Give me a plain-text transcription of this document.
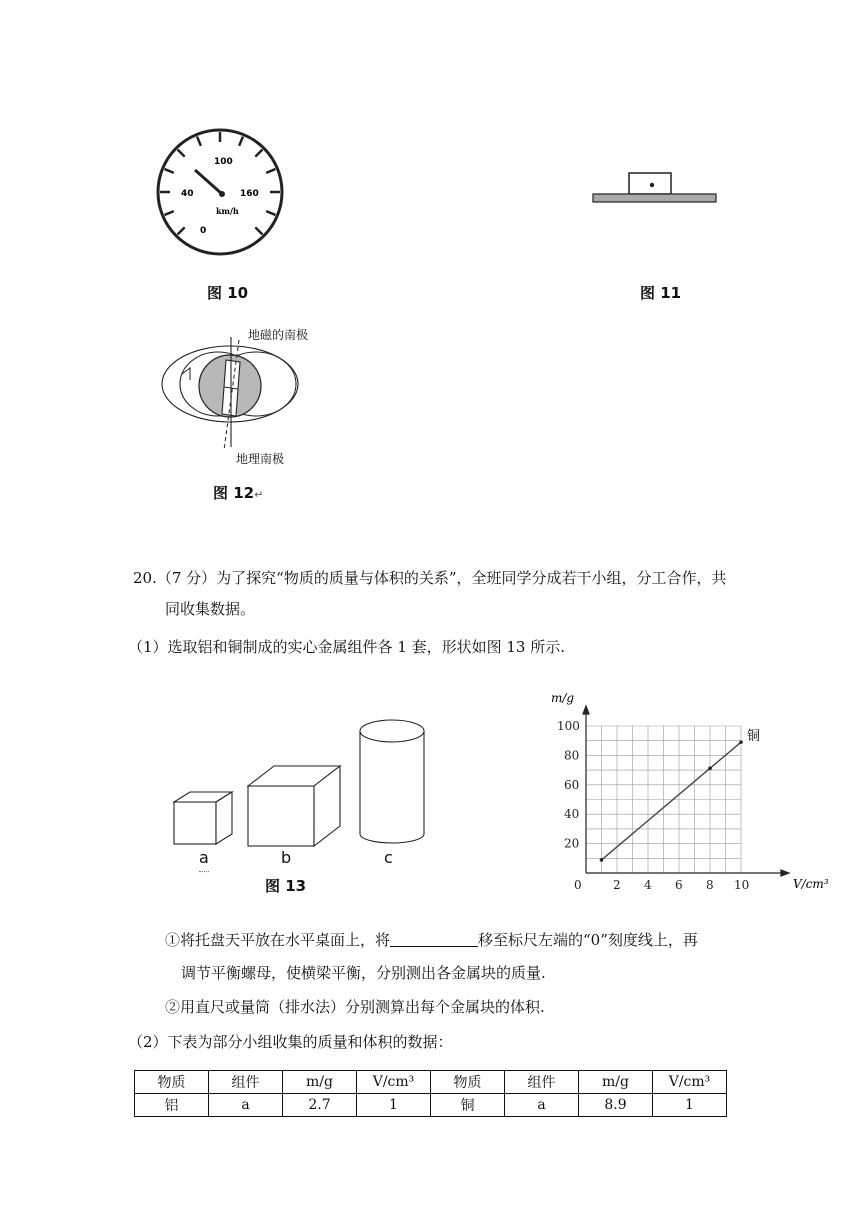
100
40	160
0
km/h
图 10	图 11
地磁的南极
地理南极
图 12↵
20.（7 分）为了探究“物质的质量与体积的关系”，全班同学分成若干小组，分工合作，共
同收集数据。
（1）选取铝和铜制成的实心金属组件各 1 套，形状如图 13 所示.
a	b	c
图 13	0	2 4 6 8 10
20
40
60
80
100
铜
m/g
V/cm³
①将托盘天平放在水平桌面上，将	移至标尺左端的“0”刻度线上，再
调节平衡螺母，使横梁平衡，分别测出各金属块的质量.
②用直尺或量筒（排水法）分别测算出每个金属块的体积.
（2）下表为部分小组收集的质量和体积的数据：
物质	组件	m/g	V/cm³	物质	组件	m/g	V/cm³
铝	a	2.7	1	铜	a	8.9	1
